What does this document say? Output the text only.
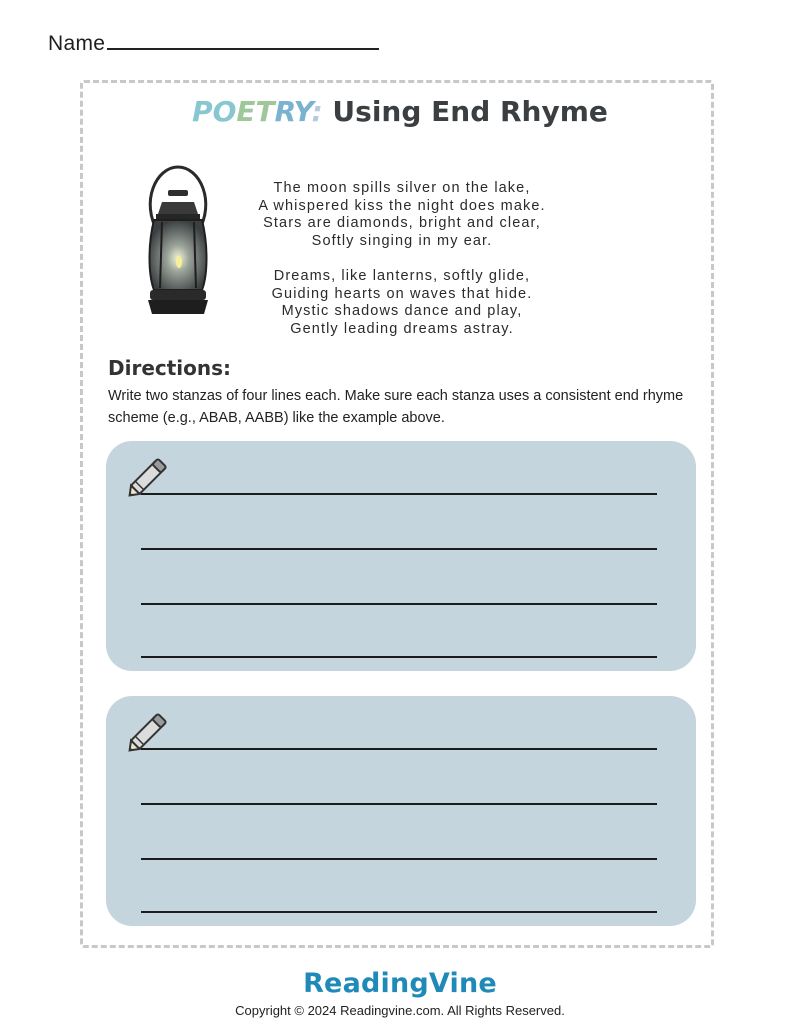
Name
POETRY: Using End Rhyme
The moon spills silver on the lake,
A whispered kiss the night does make.
Stars are diamonds, bright and clear,
Softly singing in my ear.
Dreams, like lanterns, softly glide,
Guiding hearts on waves that hide.
Mystic shadows dance and play,
Gently leading dreams astray.
Directions:
Write two stanzas of four lines each. Make sure each stanza uses a consistent end rhyme scheme (e.g., ABAB, AABB) like the example above.
ReadingVine
Copyright © 2024 Readingvine.com. All Rights Reserved.
